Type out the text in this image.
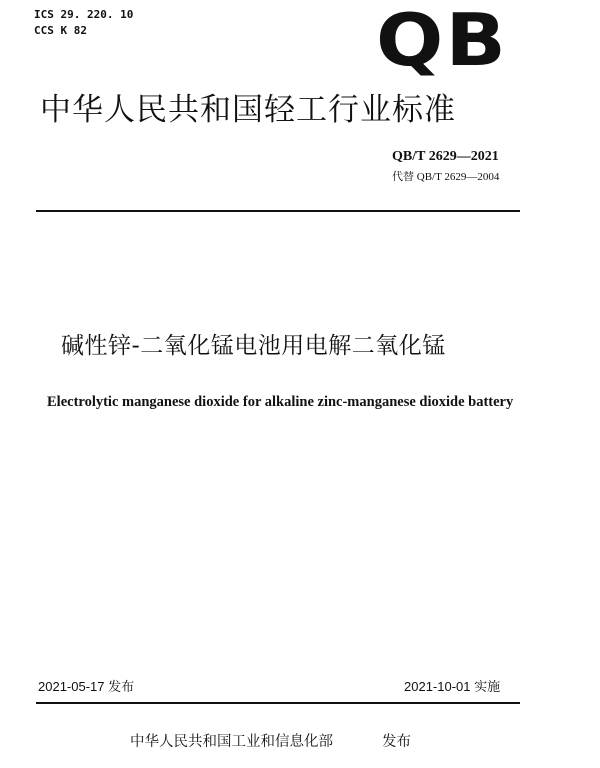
ICS 29. 220. 10
CCS K 82	QB
中华人民共和国轻工行业标准
QB/T 2629—2021
代替 QB/T 2629—2004
碱性锌-二氧化锰电池用电解二氧化锰
Electrolytic manganese dioxide for alkaline zinc-manganese dioxide battery
2021-05-17 发布	2021-10-01 实施
中华人民共和国工业和信息化部	发布
